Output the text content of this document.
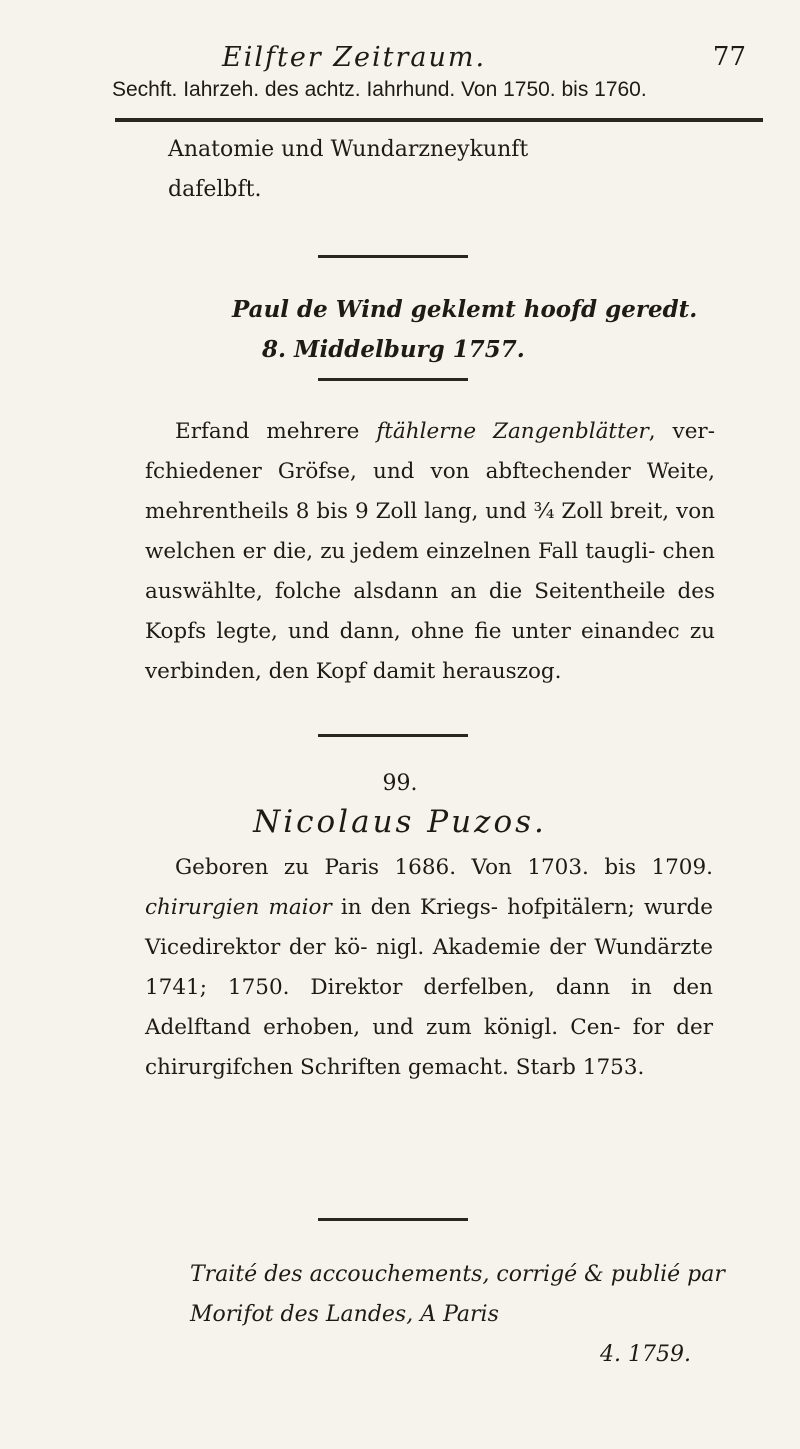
Eilfter Zeitraum.	77
Sechft. Iahrzeh. des achtz. Iahrhund. Von 1750. bis 1760.
Anatomie und Wundarzneykunft
dafelbft.
Paul de Wind geklemt hoofd geredt.
8. Middelburg 1757.
Erfand mehrere ftählerne Zangenblätter, ver- fchiedener Gröfse, und von abftechender Weite, mehrentheils 8 bis 9 Zoll lang, und ¾ Zoll breit, von welchen er die, zu jedem einzelnen Fall taugli- chen auswählte, folche alsdann an die Seitentheile des Kopfs legte, und dann, ohne fie unter einandec zu verbinden, den Kopf damit herauszog.
99.
Nicolaus Puzos.
Geboren zu Paris 1686. Von 1703. bis 1709. chirurgien maior in den Kriegs- hofpitälern; wurde Vicedirektor der kö- nigl. Akademie der Wundärzte 1741; 1750. Direktor derfelben, dann in den Adelftand erhoben, und zum königl. Cen- for der chirurgifchen Schriften gemacht. Starb 1753.
Traité des accouchements, corrigé & publié par Morifot des Landes, A Paris
4. 1759.
